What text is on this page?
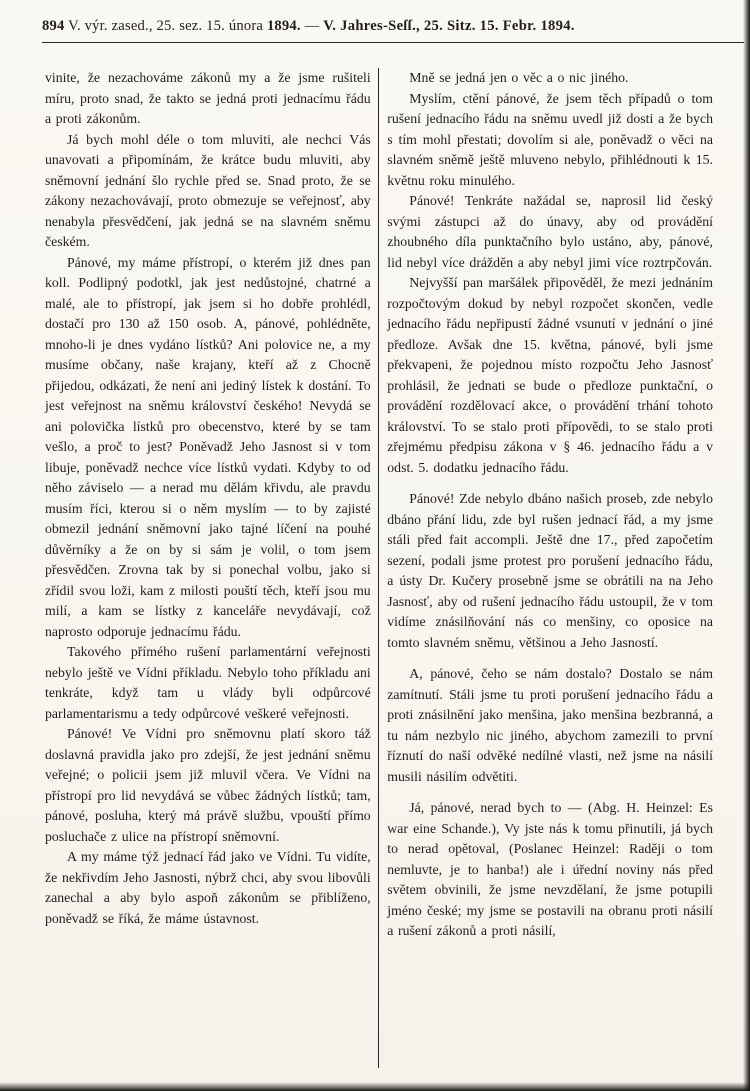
894 V. výr. zased., 25. sez. 15. února 1894. — V. Jahres-Seſſ., 25. Sitz. 15. Febr. 1894.

vinite, že nezachováme zákonů my a že jsme rušiteli míru, proto snad, že takto se jedná proti jednacímu řádu a proti zákonům.

Já bych mohl déle o tom mluviti, ale nechci Vás unavovati a připomínám, že krátce budu mluviti, aby sněmovní jednání šlo rychle před se. Snad proto, že se zákony nezachovávají, proto obmezuje se veřejnosť, aby nenabyla přesvědčení, jak jedná se na slavném sněmu českém.

Pánové, my máme přístropí, o kterém již dnes pan koll. Podlipný podotkl, jak jest nedůstojné, chatrné a malé, ale to přístropí, jak jsem si ho dobře prohlédl, dostačí pro 130 až 150 osob. A, pánové, pohlédněte, mnoho-li je dnes vydáno lístků? Ani polovice ne, a my musíme občany, naše krajany, kteří až z Chocně přijedou, odkázati, že není ani jediný lístek k dostání. To jest veřejnost na sněmu království českého! Nevydá se ani polovička lístků pro obecenstvo, které by se tam vešlo, a proč to jest? Poněvadž Jeho Jasnost si v tom libuje, poněvadž nechce více lístků vydati. Kdyby to od něho záviselo — a nerad mu dělám křivdu, ale pravdu musím říci, kterou si o něm myslím — to by zajisté obmezil jednání sněmovní jako tajné líčení na pouhé důvěrníky a že on by si sám je volil, o tom jsem přesvědčen. Zrovna tak by si ponechal volbu, jako si zřídil svou loži, kam z milosti pouští těch, kteří jsou mu milí, a kam se lístky z kanceláře nevydávají, což naprosto odporuje jednacímu řádu.

Takového přímého rušení parlamentární veřejnosti nebylo ještě ve Vídni příkladu. Nebylo toho příkladu ani tenkráte, když tam u vlády byli odpůrcové parlamentarismu a tedy odpůrcové veškeré veřejnosti.

Pánové! Ve Vídni pro sněmovnu platí skoro táž doslavná pravidla jako pro zdejší, že jest jednání sněmu veřejné; o policii jsem již mluvil včera. Ve Vídni na přístropí pro lid nevydává se vůbec žádných lístků; tam, pánové, posluha, který má právě službu, vpouští přímo posluchače z ulice na přístropí sněmovní.

A my máme týž jednací řád jako ve Vídni. Tu vidíte, že nekřivdím Jeho Jasnosti, nýbrž chci, aby svou libovůli zanechal a aby bylo aspoň zákonům se přiblíženo, poněvadž se říká, že máme ústavnost.

Mně se jedná jen o věc a o nic jiného.

Myslím, ctění pánové, že jsem těch případů o tom rušení jednacího řádu na sněmu uvedl již dosti a že bych s tím mohl přestati; dovolím si ale, poněvadž o věci na slavném sněmě ještě mluveno nebylo, přihlédnouti k 15. květnu roku minulého.

Pánové! Tenkráte nažádal se, naprosil lid český svými zástupci až do únavy, aby od provádění zhoubného díla punktačního bylo ustáno, aby, pánové, lid nebyl více drážděn a aby nebyl jimi více roztrpčován.

Nejvyšší pan maršálek připověděl, že mezi jednáním rozpočtovým dokud by nebyl rozpočet skončen, vedle jednacího řádu nepřipustí žádné vsunutí v jednání o jiné předloze. Avšak dne 15. května, pánové, byli jsme překvapeni, že pojednou místo rozpočtu Jeho Jasnosť prohlásil, že jednati se bude o předloze punktační, o provádění rozdělovací akce, o provádění trhání tohoto království. To se stalo proti přípovědi, to se stalo proti zřejmému předpisu zákona v § 46. jednacího řádu a v odst. 5. dodatku jednacího řádu.

Pánové! Zde nebylo dbáno našich proseb, zde nebylo dbáno přání lidu, zde byl rušen jednací řád, a my jsme stáli před fait accompli. Ještě dne 17., před započetím sezení, podali jsme protest pro porušení jednacího řádu, a ústy Dr. Kučery prosebně jsme se obrátili na na Jeho Jasnosť, aby od rušení jednacího řádu ustoupil, že v tom vidíme znásilňování nás co menšiny, co oposice na tomto slavném sněmu, většinou a Jeho Jasností.

A, pánové, čeho se nám dostalo? Dostalo se nám zamítnutí. Stáli jsme tu proti porušení jednacího řádu a proti znásilnění jako menšina, jako menšina bezbranná, a tu nám nezbylo nic jiného, abychom zamezili to první říznutí do naší odvěké nedílné vlasti, než jsme na násilí musili násilím odvětiti.

Já, pánové, nerad bych to — (Abg. H. Heinzel: Es war eine Schande.), Vy jste nás k tomu přinutili, já bych to nerad opětoval, (Poslanec Heinzel: Raději o tom nemluvte, je to hanba!) ale i úřední noviny nás před světem obvinili, že jsme nevzdělaní, že jsme potupili jméno české; my jsme se postavili na obranu proti násilí a rušení zákonů a proti násilí,
